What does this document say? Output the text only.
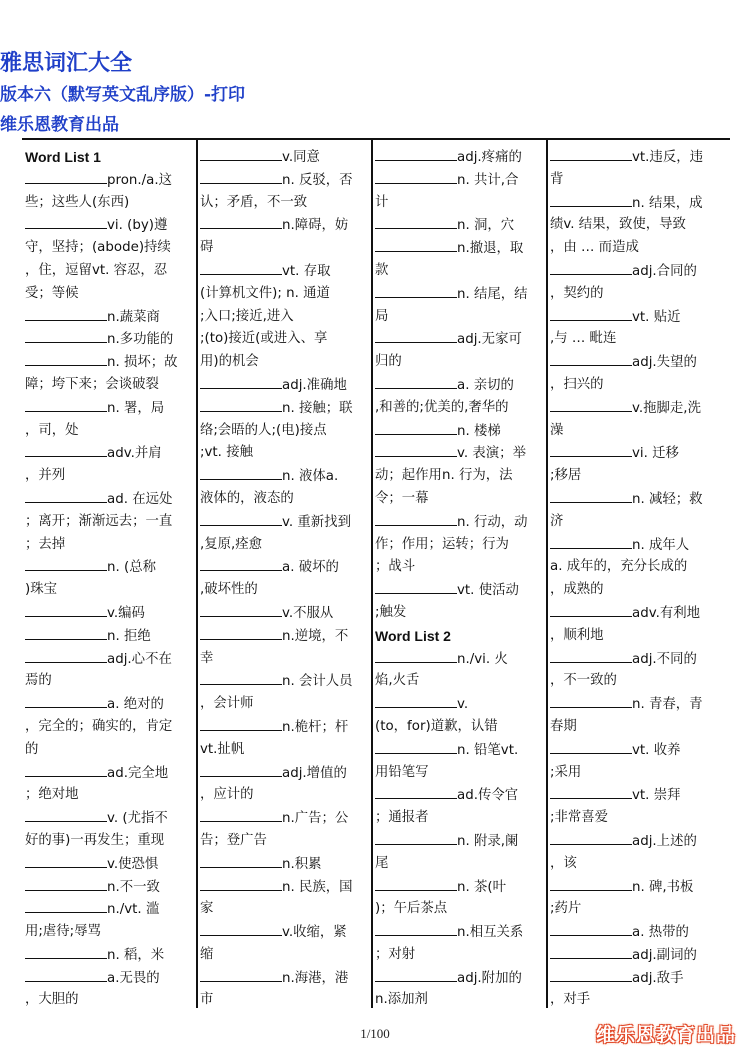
雅思词汇大全
版本六（默写英文乱序版）-打印
维乐恩教育出品
Word List 1
pron./a.这
些；这些人(东西)
vi. (by)遵
守，坚持；(abode)持续
，住，逗留vt. 容忍，忍
受；等候
n.蔬菜商
n.多功能的
n. 损坏；故
障；垮下来；会谈破裂
n. 署，局
，司，处
adv.并肩
，并列
ad. 在远处
；离开；渐渐远去；一直
；去掉
n. (总称
)珠宝
v.编码
n. 拒绝
adj.心不在
焉的
a. 绝对的
，完全的；确实的，肯定
的
ad.完全地
；绝对地
v. (尤指不
好的事)一再发生；重现
v.使恐惧
n.不一致
n./vt. 滥
用;虐待;辱骂
n. 稻，米
a.无畏的
，大胆的
v.同意
n. 反驳，否
认；矛盾，不一致
n.障碍，妨
碍
vt. 存取
(计算机文件); n. 通道
;入口;接近,进入
;(to)接近(或进入、享
用)的机会
adj.准确地
n. 接触；联
络;会晤的人;(电)接点
;vt. 接触
n. 液体a.
液体的，液态的
v. 重新找到
,复原,痊愈
a. 破坏的
,破坏性的
v.不服从
n.逆境，不
幸
n. 会计人员
，会计师
n.桅杆；杆
vt.扯帆
adj.增值的
，应计的
n.广告；公
告；登广告
n.积累
n. 民族，国
家
v.收缩，紧
缩
n.海港，港
市
adj.疼痛的
n. 共计,合
计
n. 洞，穴
n.撤退，取
款
n. 结尾，结
局
adj.无家可
归的
a. 亲切的
,和善的;优美的,奢华的
n. 楼梯
v. 表演；举
动；起作用n. 行为，法
令；一幕
n. 行动，动
作；作用；运转；行为
；战斗
vt. 使活动
;触发
Word List 2
n./vi. 火
焰,火舌
v.
(to，for)道歉，认错
n. 铅笔vt.
用铅笔写
ad.传令官
；通报者
n. 附录,阑
尾
n. 茶(叶
)；午后茶点
n.相互关系
；对射
adj.附加的
n.添加剂
vt.违反，违
背
n. 结果，成
绩v. 结果，致使，导致
，由 … 而造成
adj.合同的
，契约的
vt. 贴近
,与 … 毗连
adj.失望的
，扫兴的
v.拖脚走,洗
澡
vi. 迁移
;移居
n. 减轻；救
济
n. 成年人
a. 成年的，充分长成的
，成熟的
adv.有利地
，顺利地
adj.不同的
，不一致的
n. 青春，青
春期
vt. 收养
;采用
vt. 崇拜
;非常喜爱
adj.上述的
，该
n. 碑,书板
;药片
a. 热带的
adj.副词的
adj.敌手
，对手
1/100	维乐恩教育出品
